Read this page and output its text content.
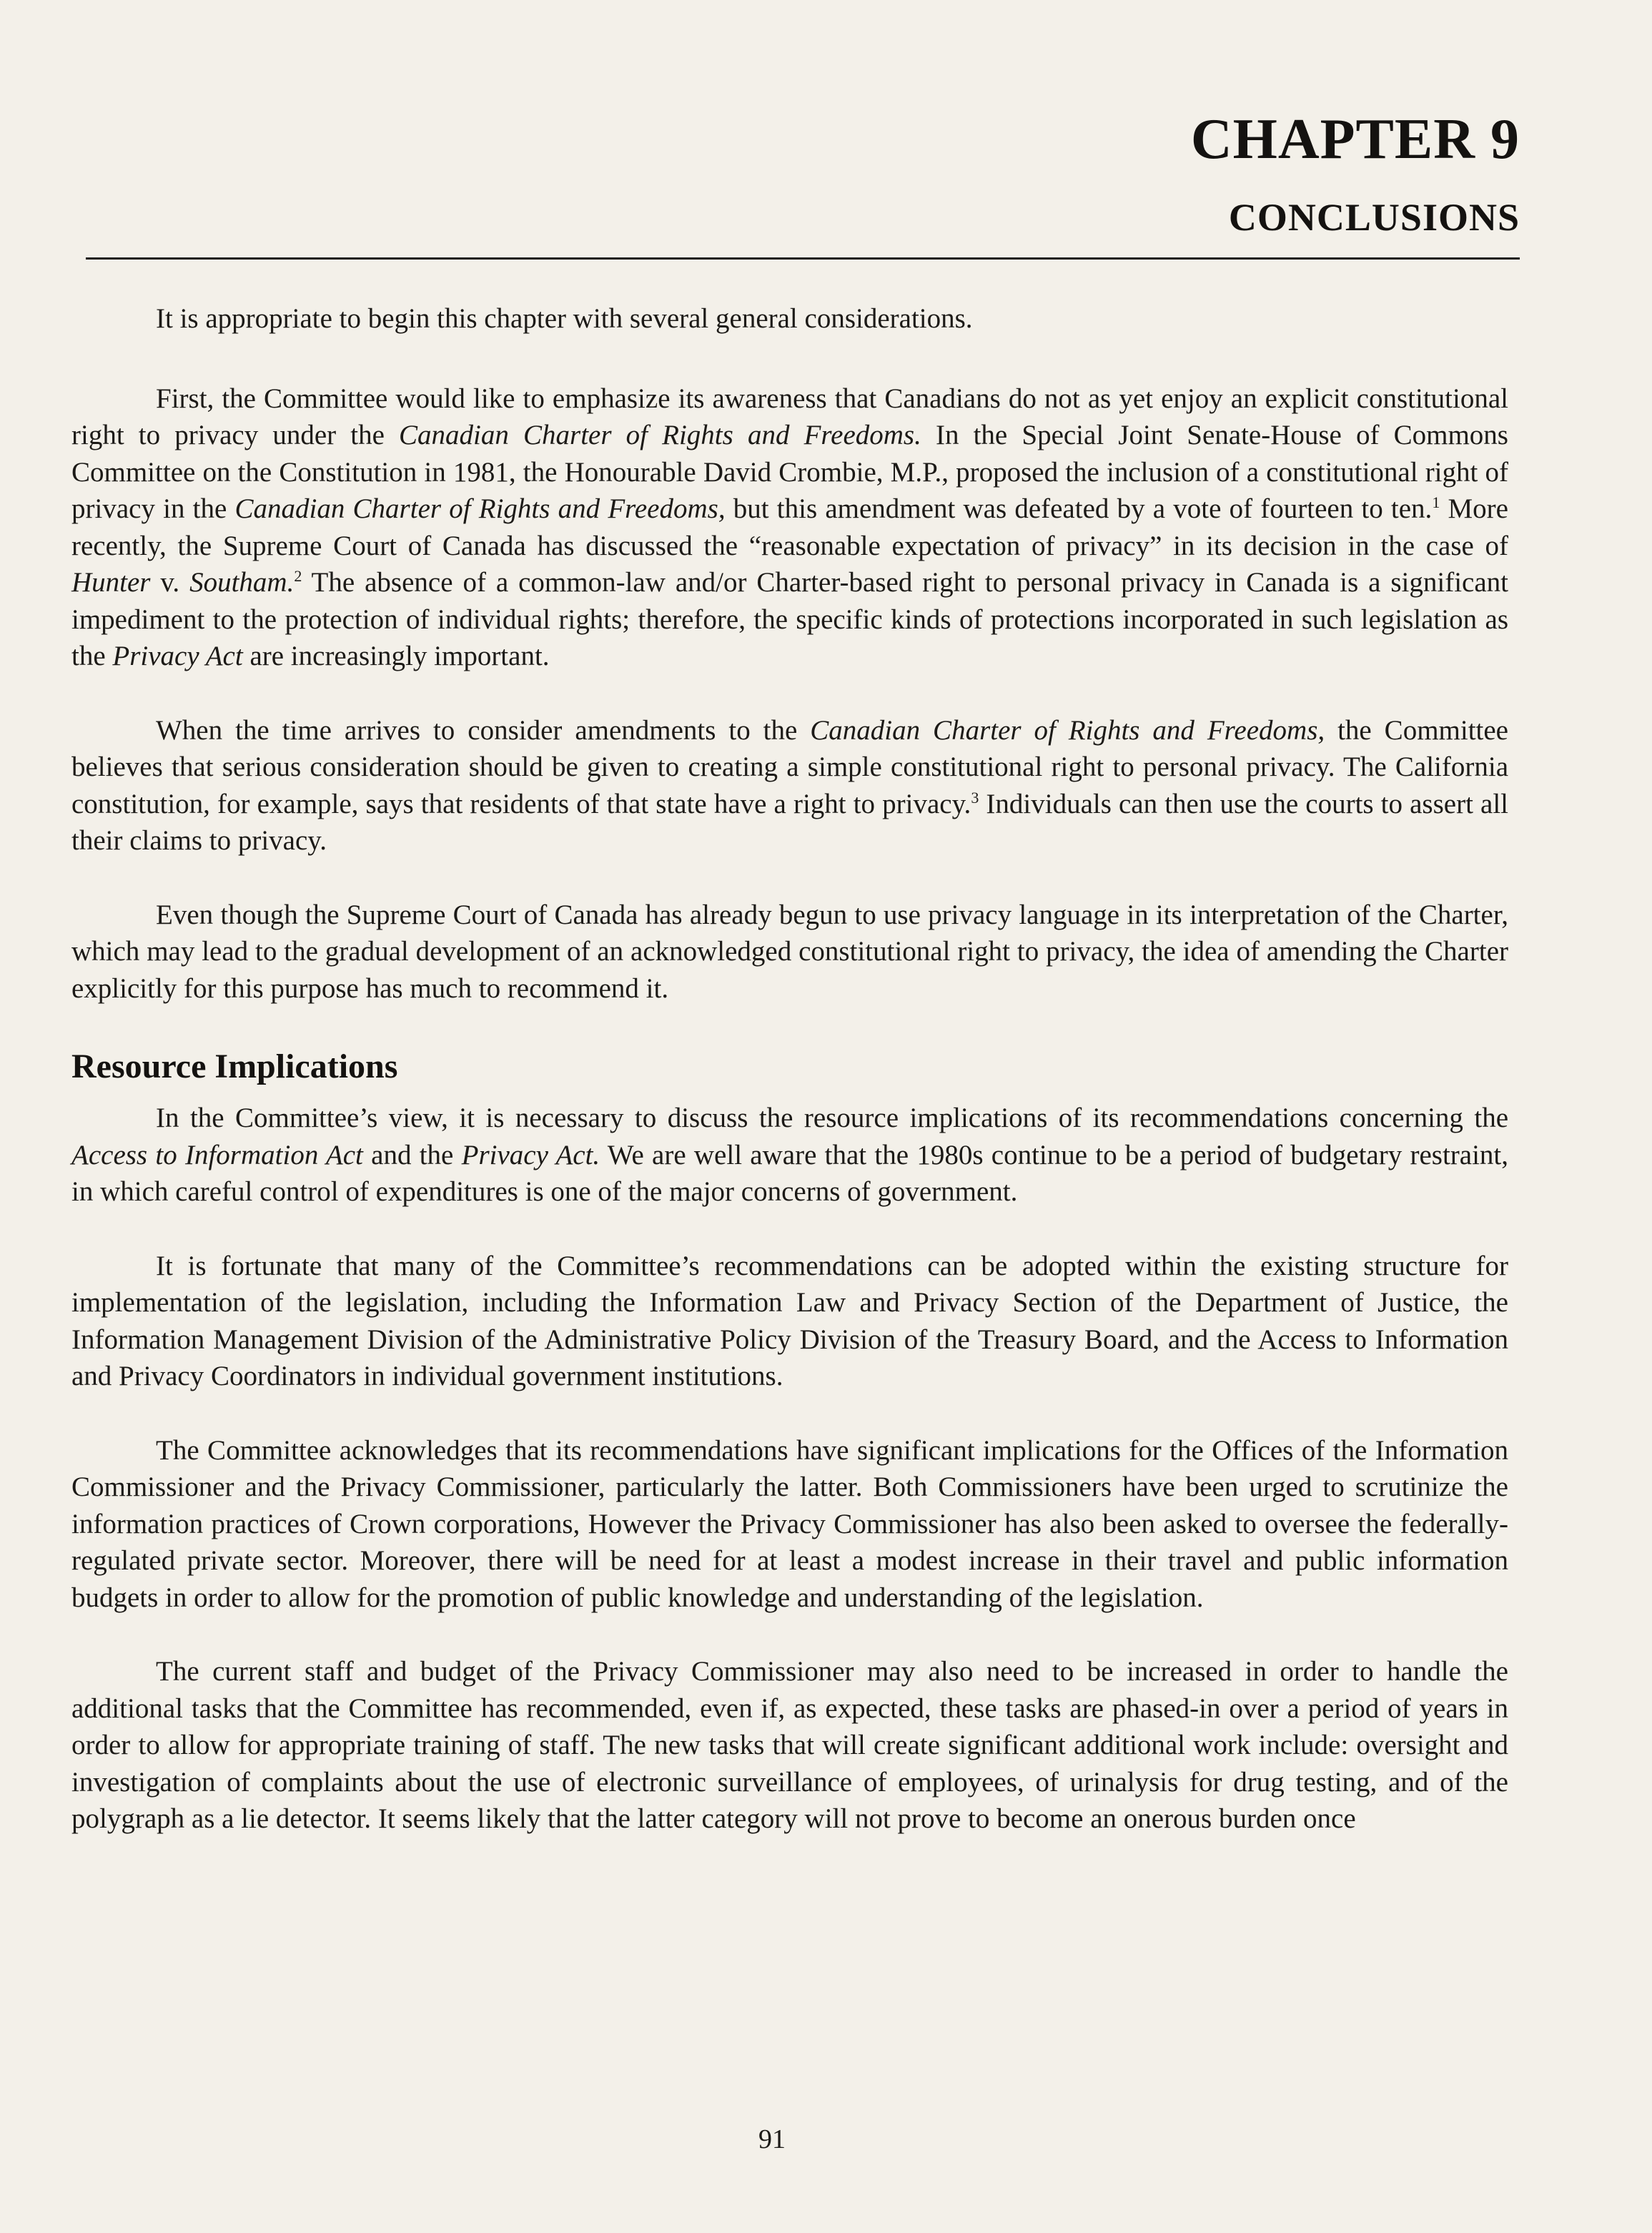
CHAPTER 9
CONCLUSIONS

It is appropriate to begin this chapter with several general considerations.

First, the Committee would like to emphasize its awareness that Canadians do not as yet enjoy an explicit constitutional right to privacy under the Canadian Charter of Rights and Freedoms. In the Special Joint Senate-House of Commons Committee on the Constitution in 1981, the Honourable David Crombie, M.P., proposed the inclusion of a constitutional right of privacy in the Canadian Charter of Rights and Freedoms, but this amendment was defeated by a vote of fourteen to ten.$^1$ More recently, the Supreme Court of Canada has discussed the “reasonable expectation of privacy” in its decision in the case of Hunter v. Southam.$^2$ The absence of a common-law and/or Charter-based right to personal privacy in Canada is a significant impediment to the protection of individual rights; therefore, the specific kinds of protections incorporated in such legislation as the Privacy Act are increasingly important.

When the time arrives to consider amendments to the Canadian Charter of Rights and Freedoms, the Committee believes that serious consideration should be given to creating a simple constitutional right to personal privacy. The California constitution, for example, says that residents of that state have a right to privacy.$^3$ Individuals can then use the courts to assert all their claims to privacy.

Even though the Supreme Court of Canada has already begun to use privacy language in its interpretation of the Charter, which may lead to the gradual development of an acknowledged constitutional right to privacy, the idea of amending the Charter explicitly for this purpose has much to recommend it.

Resource Implications

In the Committee’s view, it is necessary to discuss the resource implications of its recommendations concerning the Access to Information Act and the Privacy Act. We are well aware that the 1980s continue to be a period of budgetary restraint, in which careful control of expenditures is one of the major concerns of government.

It is fortunate that many of the Committee’s recommendations can be adopted within the existing structure for implementation of the legislation, including the Information Law and Privacy Section of the Department of Justice, the Information Management Division of the Administrative Policy Division of the Treasury Board, and the Access to Information and Privacy Coordinators in individual government institutions.

The Committee acknowledges that its recommendations have significant implications for the Offices of the Information Commissioner and the Privacy Commissioner, particularly the latter. Both Commissioners have been urged to scrutinize the information practices of Crown corporations, However the Privacy Commissioner has also been asked to oversee the federally-regulated private sector. Moreover, there will be need for at least a modest increase in their travel and public information budgets in order to allow for the promotion of public knowledge and understanding of the legislation.

The current staff and budget of the Privacy Commissioner may also need to be increased in order to handle the additional tasks that the Committee has recommended, even if, as expected, these tasks are phased-in over a period of years in order to allow for appropriate training of staff. The new tasks that will create significant additional work include: oversight and investigation of complaints about the use of electronic surveillance of employees, of urinalysis for drug testing, and of the polygraph as a lie detector. It seems likely that the latter category will not prove to become an onerous burden once

91
